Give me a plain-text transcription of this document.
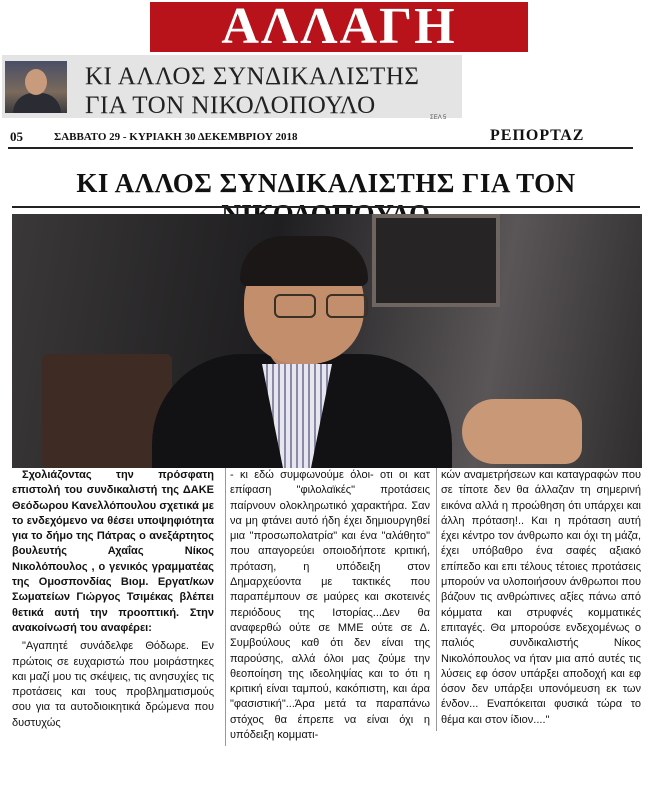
ΑΛΛΑΓΗ
ΚΙ ΑΛΛΟΣ ΣΥΝΔΙΚΑΛΙΣΤΗΣ ΓΙΑ ΤΟΝ ΝΙΚΟΛΟΠΟΥΛΟ	ΣΕΛ 5
05	ΣΑΒΒΑΤΟ 29 - ΚΥΡΙΑΚΗ 30 ΔΕΚΕΜΒΡΙΟΥ 2018	ΡΕΠΟΡΤΑΖ
ΚΙ ΑΛΛΟΣ ΣΥΝΔΙΚΑΛΙΣΤΗΣ ΓΙΑ ΤΟΝ

Σχολιάζοντας την πρόσφατη επιστολή του συνδικαλιστή της ΔΑΚΕ Θεόδωρου Κανελλόπουλου σχετικά με το ενδεχόμενο να θέσει υποψηφιότητα για το δήμο της Πάτρας ο ανεξάρτητος βουλευτής Αχαΐας Νίκος Νικολόπουλος , ο γενικός γραμματέας της Ομοσπονδίας Βιομ. Εργατ/κων Σωματείων Γιώργος Τσιμέκας βλέπει θετικά αυτή την προοπτική. Στην ανακοίνωσή του αναφέρει:

"Αγαπητέ συνάδελφε Θόδωρε. Εν πρώτοις σε ευχαριστώ που μοιράστηκες και μαζί μου τις σκέψεις, τις ανησυχίες τις προτάσεις και τους προβληματισμούς σου για τα αυτοδιοικητικά δρώμενα που δυστυχώς

- κι εδώ συμφωνούμε όλοι- οτι οι κατ επίφαση "φιλολαϊκές" προτάσεις παίρνουν ολοκληρωτικό χαρακτήρα. Σαν να μη φτάνει αυτό ήδη έχει δημιουργηθεί μια "προσωπολατρία" και ένα "αλάθητο" που απαγορεύει οποιοδήποτε κριτική, πρόταση, η υπόδειξη στον Δημαρχεύοντα με τακτικές που παραπέμπουν σε μαύρες και σκοτεινές περιόδους της Ιστορίας...Δεν θα αναφερθώ ούτε σε ΜΜΕ ούτε σε Δ. Συμβούλους καθ ότι δεν είναι της παρούσης, αλλά όλοι μας ζούμε την θεοποίηση της ιδεοληψίας και το ότι η κριτική είναι ταμπού, κακόπιστη, και άρα "φασιστική"...Άρα μετά τα παραπάνω στόχος θα έπρεπε να είναι όχι η υπόδειξη κομματι-

κών αναμετρήσεων και καταγραφών που σε τίποτε δεν θα άλλαζαν τη σημερινή εικόνα αλλά η προώθηση ότι υπάρχει και άλλη πρόταση!.. Και η πρόταση αυτή έχει κέντρο τον άνθρωπο και όχι τη μάζα, έχει υπόβαθρο ένα σαφές αξιακό επίπεδο και επι τέλους τέτοιες προτάσεις μπορούν να υλοποιήσουν άνθρωποι που βάζουν τις ανθρώπινες αξίες πάνω από κόμματα και στρυφνές κομματικές επιταγές. Θα μπορούσε ενδεχομένως ο παλιός συνδικαλιστής Νίκος Νικολόπουλος να ήταν μια από αυτές τις λύσεις εφ όσον υπάρξει αποδοχή και εφ όσον δεν υπάρξει υπονόμευση εκ των ένδον... Εναπόκειται φυσικά τώρα το θέμα και στον ίδιον...."
